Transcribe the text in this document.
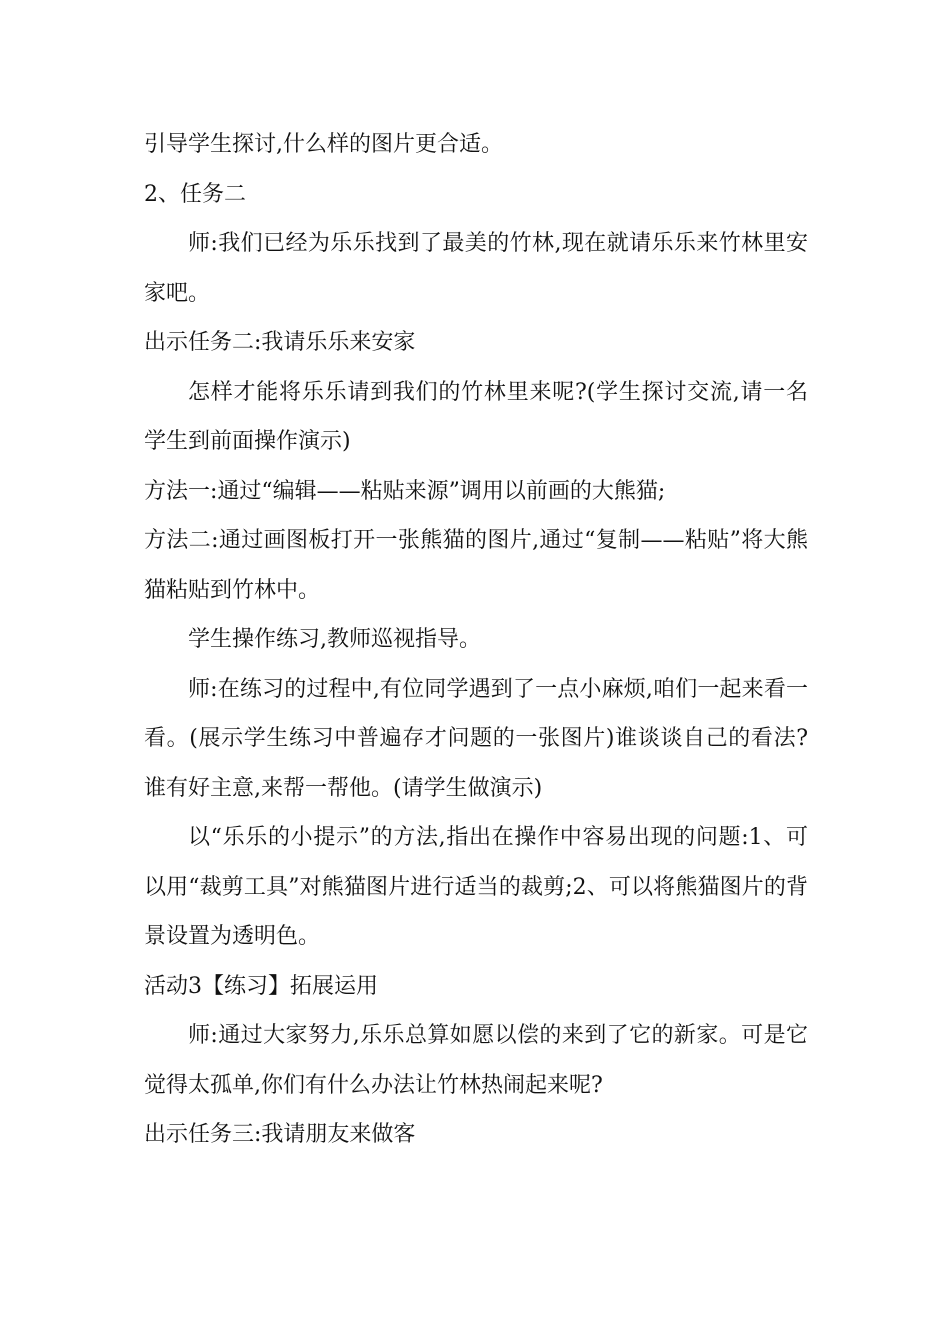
引导学生探讨,什么样的图片更合适。

2、任务二

师:我们已经为乐乐找到了最美的竹林,现在就请乐乐来竹林里安家吧。

出示任务二:我请乐乐来安家

怎样才能将乐乐请到我们的竹林里来呢?(学生探讨交流,请一名学生到前面操作演示)

方法一:通过“编辑——粘贴来源”调用以前画的大熊猫;

方法二:通过画图板打开一张熊猫的图片,通过“复制——粘贴”将大熊猫粘贴到竹林中。

学生操作练习,教师巡视指导。

师:在练习的过程中,有位同学遇到了一点小麻烦,咱们一起来看一看。(展示学生练习中普遍存才问题的一张图片)谁谈谈自己的看法?谁有好主意,来帮一帮他。(请学生做演示)

以“乐乐的小提示”的方法,指出在操作中容易出现的问题:1、可以用“裁剪工具”对熊猫图片进行适当的裁剪;2、可以将熊猫图片的背景设置为透明色。

活动3【练习】拓展运用

师:通过大家努力,乐乐总算如愿以偿的来到了它的新家。可是它觉得太孤单,你们有什么办法让竹林热闹起来呢?

出示任务三:我请朋友来做客
